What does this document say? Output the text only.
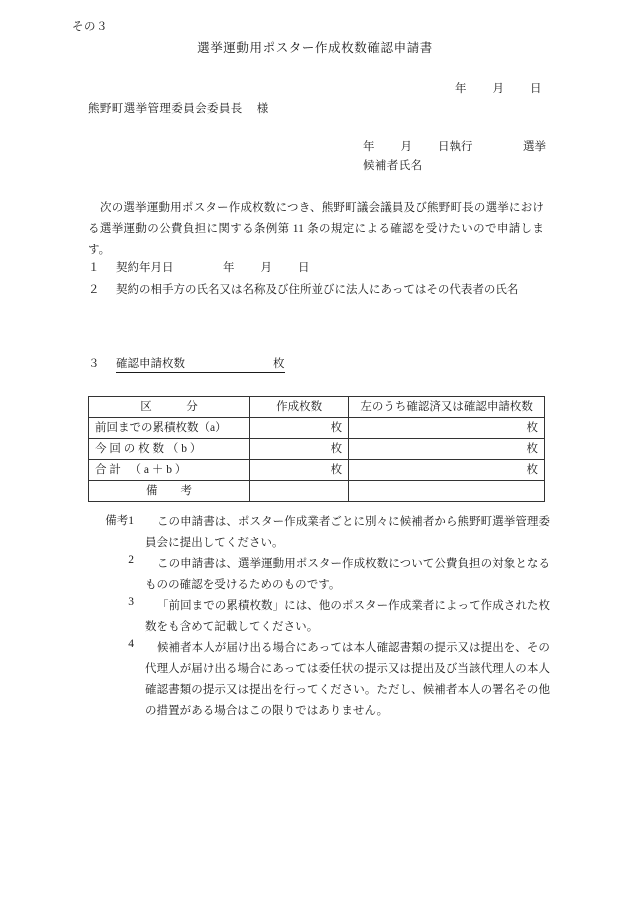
その３
選挙運動用ポスター作成枚数確認申請書
年 月 日
熊野町選挙管理委員会委員長 様
年 月 日執行	選挙
候補者氏名
次の選挙運動用ポスター作成枚数につき、熊野町議会議員及び熊野町長の選挙における選挙運動の公費負担に関する条例第 11 条の規定による確認を受けたいので申請します。
１ 契約年月日	年 月 日
２ 契約の相手方の氏名又は名称及び住所並びに法人にあってはその代表者の氏名
３ 確認申請枚数	枚
区　　　分	作成枚数	左のうち確認済又は確認申請枚数
前回までの累積枚数（a）	枚	枚
今 回 の 枚 数 （ b ）	枚	枚
合 計 　（ a ＋ b ）	枚	枚
備　　考		
備考1	この申請書は、ポスター作成業者ごとに別々に候補者から熊野町選挙管理委員会に提出してください。
2	この申請書は、選挙運動用ポスター作成枚数について公費負担の対象となるものの確認を受けるためのものです。
3	「前回までの累積枚数」には、他のポスター作成業者によって作成された枚数をも含めて記載してください。
4	候補者本人が届け出る場合にあっては本人確認書類の提示又は提出を、その代理人が届け出る場合にあっては委任状の提示又は提出及び当該代理人の本人確認書類の提示又は提出を行ってください。ただし、候補者本人の署名その他の措置がある場合はこの限りではありません。
